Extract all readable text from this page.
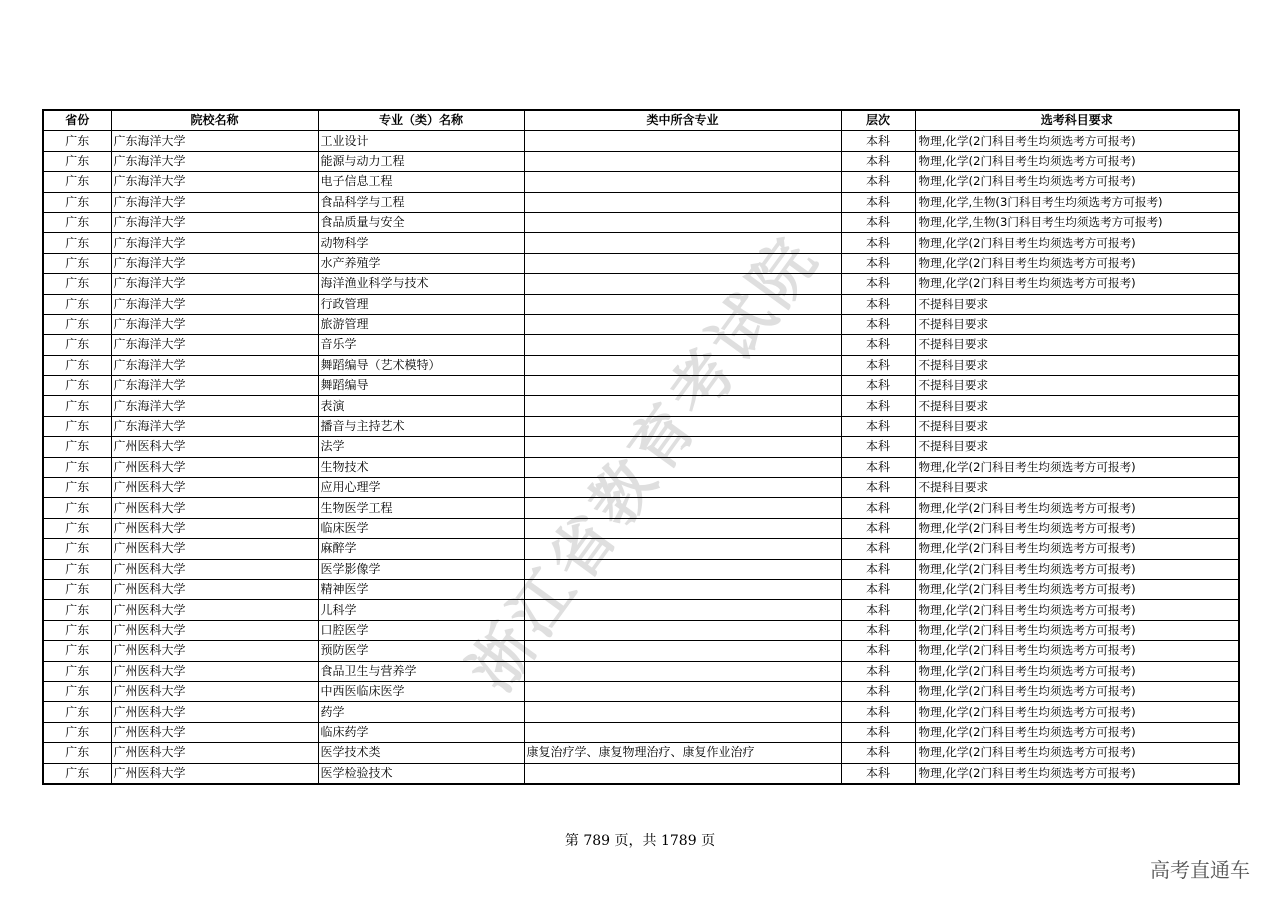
浙江省教育考试院
省份	院校名称	专业（类）名称	类中所含专业	层次	选考科目要求
广东	广东海洋大学	工业设计		本科	物理,化学(2门科目考生均须选考方可报考)
广东	广东海洋大学	能源与动力工程		本科	物理,化学(2门科目考生均须选考方可报考)
广东	广东海洋大学	电子信息工程		本科	物理,化学(2门科目考生均须选考方可报考)
广东	广东海洋大学	食品科学与工程		本科	物理,化学,生物(3门科目考生均须选考方可报考)
广东	广东海洋大学	食品质量与安全		本科	物理,化学,生物(3门科目考生均须选考方可报考)
广东	广东海洋大学	动物科学		本科	物理,化学(2门科目考生均须选考方可报考)
广东	广东海洋大学	水产养殖学		本科	物理,化学(2门科目考生均须选考方可报考)
广东	广东海洋大学	海洋渔业科学与技术		本科	物理,化学(2门科目考生均须选考方可报考)
广东	广东海洋大学	行政管理		本科	不提科目要求
广东	广东海洋大学	旅游管理		本科	不提科目要求
广东	广东海洋大学	音乐学		本科	不提科目要求
广东	广东海洋大学	舞蹈编导（艺术模特）		本科	不提科目要求
广东	广东海洋大学	舞蹈编导		本科	不提科目要求
广东	广东海洋大学	表演		本科	不提科目要求
广东	广东海洋大学	播音与主持艺术		本科	不提科目要求
广东	广州医科大学	法学		本科	不提科目要求
广东	广州医科大学	生物技术		本科	物理,化学(2门科目考生均须选考方可报考)
广东	广州医科大学	应用心理学		本科	不提科目要求
广东	广州医科大学	生物医学工程		本科	物理,化学(2门科目考生均须选考方可报考)
广东	广州医科大学	临床医学		本科	物理,化学(2门科目考生均须选考方可报考)
广东	广州医科大学	麻醉学		本科	物理,化学(2门科目考生均须选考方可报考)
广东	广州医科大学	医学影像学		本科	物理,化学(2门科目考生均须选考方可报考)
广东	广州医科大学	精神医学		本科	物理,化学(2门科目考生均须选考方可报考)
广东	广州医科大学	儿科学		本科	物理,化学(2门科目考生均须选考方可报考)
广东	广州医科大学	口腔医学		本科	物理,化学(2门科目考生均须选考方可报考)
广东	广州医科大学	预防医学		本科	物理,化学(2门科目考生均须选考方可报考)
广东	广州医科大学	食品卫生与营养学		本科	物理,化学(2门科目考生均须选考方可报考)
广东	广州医科大学	中西医临床医学		本科	物理,化学(2门科目考生均须选考方可报考)
广东	广州医科大学	药学		本科	物理,化学(2门科目考生均须选考方可报考)
广东	广州医科大学	临床药学		本科	物理,化学(2门科目考生均须选考方可报考)
广东	广州医科大学	医学技术类	康复治疗学、康复物理治疗、康复作业治疗	本科	物理,化学(2门科目考生均须选考方可报考)
广东	广州医科大学	医学检验技术		本科	物理,化学(2门科目考生均须选考方可报考)
第 789 页，共 1789 页
高考直通车
